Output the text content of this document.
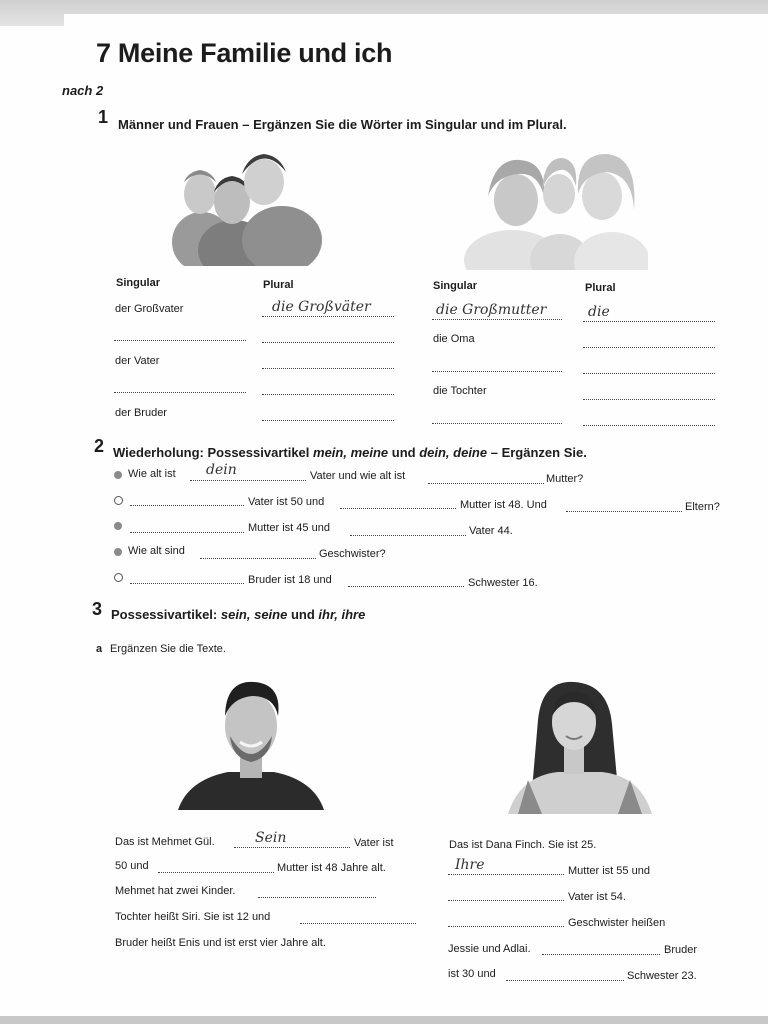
7 Meine Familie und ich
nach 2
1 Männer und Frauen – Ergänzen Sie die Wörter im Singular und im Plural.
Singular	Plural	Singular	Plural
der Großvater	die Großväter
der Vater
der Bruder
die Großmutter	die
die Oma
die Tochter
2 Wiederholung: Possessivartikel mein, meine und dein, deine – Ergänzen Sie.
Wie alt ist dein	Vater und wie alt ist	Mutter?
Vater ist 50 und	Mutter ist 48. Und	Eltern?
Mutter ist 45 und	Vater 44.
Wie alt sind	Geschwister?
Bruder ist 18 und	Schwester 16.
3 Possessivartikel: sein, seine und ihr, ihre
a Ergänzen Sie die Texte.
Das ist Mehmet Gül.	Sein	Vater ist
50 und	Mutter ist 48 Jahre alt.
Mehmet hat zwei Kinder.
Tochter heißt Siri. Sie ist 12 und
Bruder heißt Enis und ist erst vier Jahre alt.
Das ist Dana Finch. Sie ist 25.
Ihre	Mutter ist 55 und
Vater ist 54.
Geschwister heißen
Jessie und Adlai.	Bruder
ist 30 und	Schwester 23.
